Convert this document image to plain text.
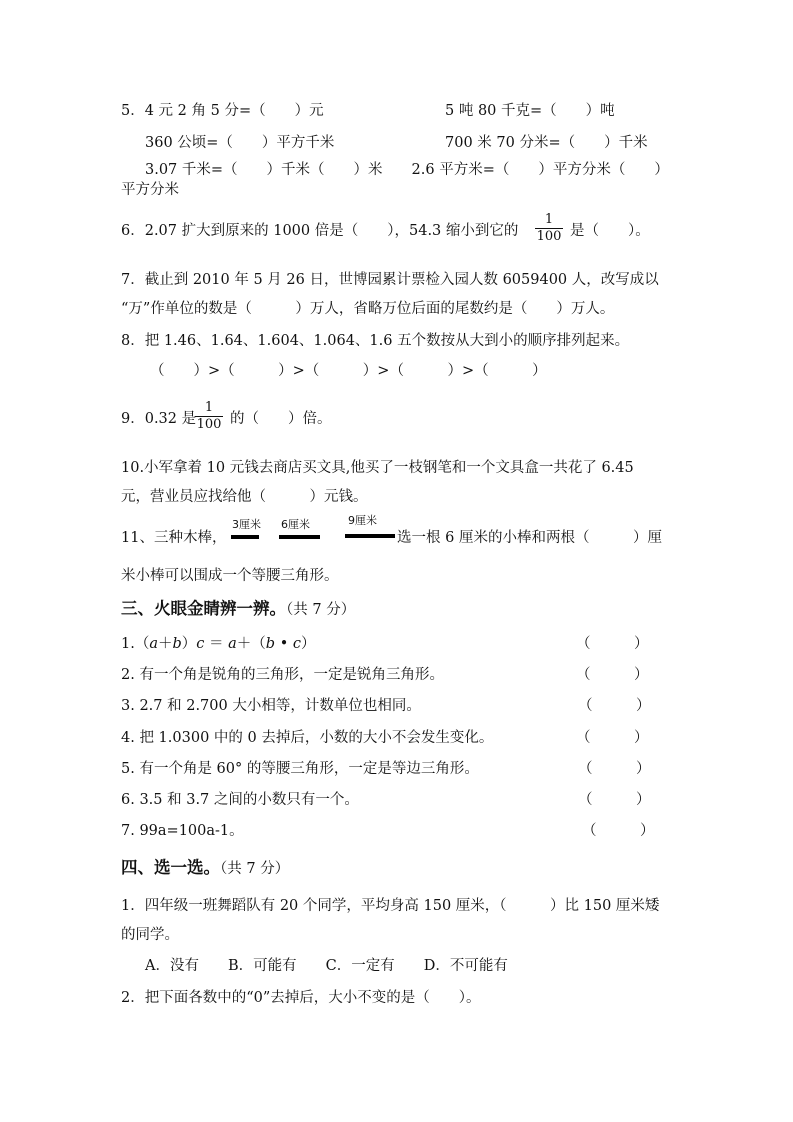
5．4 元 2 角 5 分=（　　）元	5 吨 80 千克=（　　）吨
360 公顷=（　　）平方千米	700 米 70 分米=（　　）千米
3.07 千米=（　　）千米（　　）米　　2.6 平方米=（　　）平方分米（　　）
平方分米
6．2.07 扩大到原来的 1000 倍是（　　），54.3 缩小到它的
1
100 是（　　）。
7．截止到 2010 年 5 月 26 日，世博园累计票检入园人数 6059400 人，改写成以
“万”作单位的数是（　　　）万人，省略万位后面的尾数约是（　　）万人。
8．把 1.46、1.64、1.604、1.064、1.6 五个数按从大到小的顺序排列起来。
（　　）>（　　　）>（　　　）>（　　　）>（　　　）
9．0.32 是
1
100 的（　　）倍。
10.小军拿着 10 元钱去商店买文具,他买了一枝钢笔和一个文具盒一共花了 6.45
元，营业员应找给他（　　　）元钱。
11、三种木棒，
3厘米 6厘米	9厘米
选一根 6 厘米的小棒和两根（　　　）厘
米小棒可以围成一个等腰三角形。
三、火眼金睛辨一辨。（共 7 分）
1.（a＋b）c ＝ a＋（b • c）	（　　　）
2. 有一个角是锐角的三角形，一定是锐角三角形。	（　　　）
3. 2.7 和 2.700 大小相等，计数单位也相同。	（　　　）
4. 把 1.0300 中的 0 去掉后，小数的大小不会发生变化。	（　　　）
5. 有一个角是 60° 的等腰三角形，一定是等边三角形。	（　　　）
6. 3.5 和 3.7 之间的小数只有一个。	（　　　）
7. 99a=100a-1。	（　　　）
四、选一选。（共 7 分）
1．四年级一班舞蹈队有 20 个同学，平均身高 150 厘米，（　　　）比 150 厘米矮
的同学。
A．没有　　B．可能有　　C．一定有　　D．不可能有
2．把下面各数中的“0”去掉后，大小不变的是（　　）。
